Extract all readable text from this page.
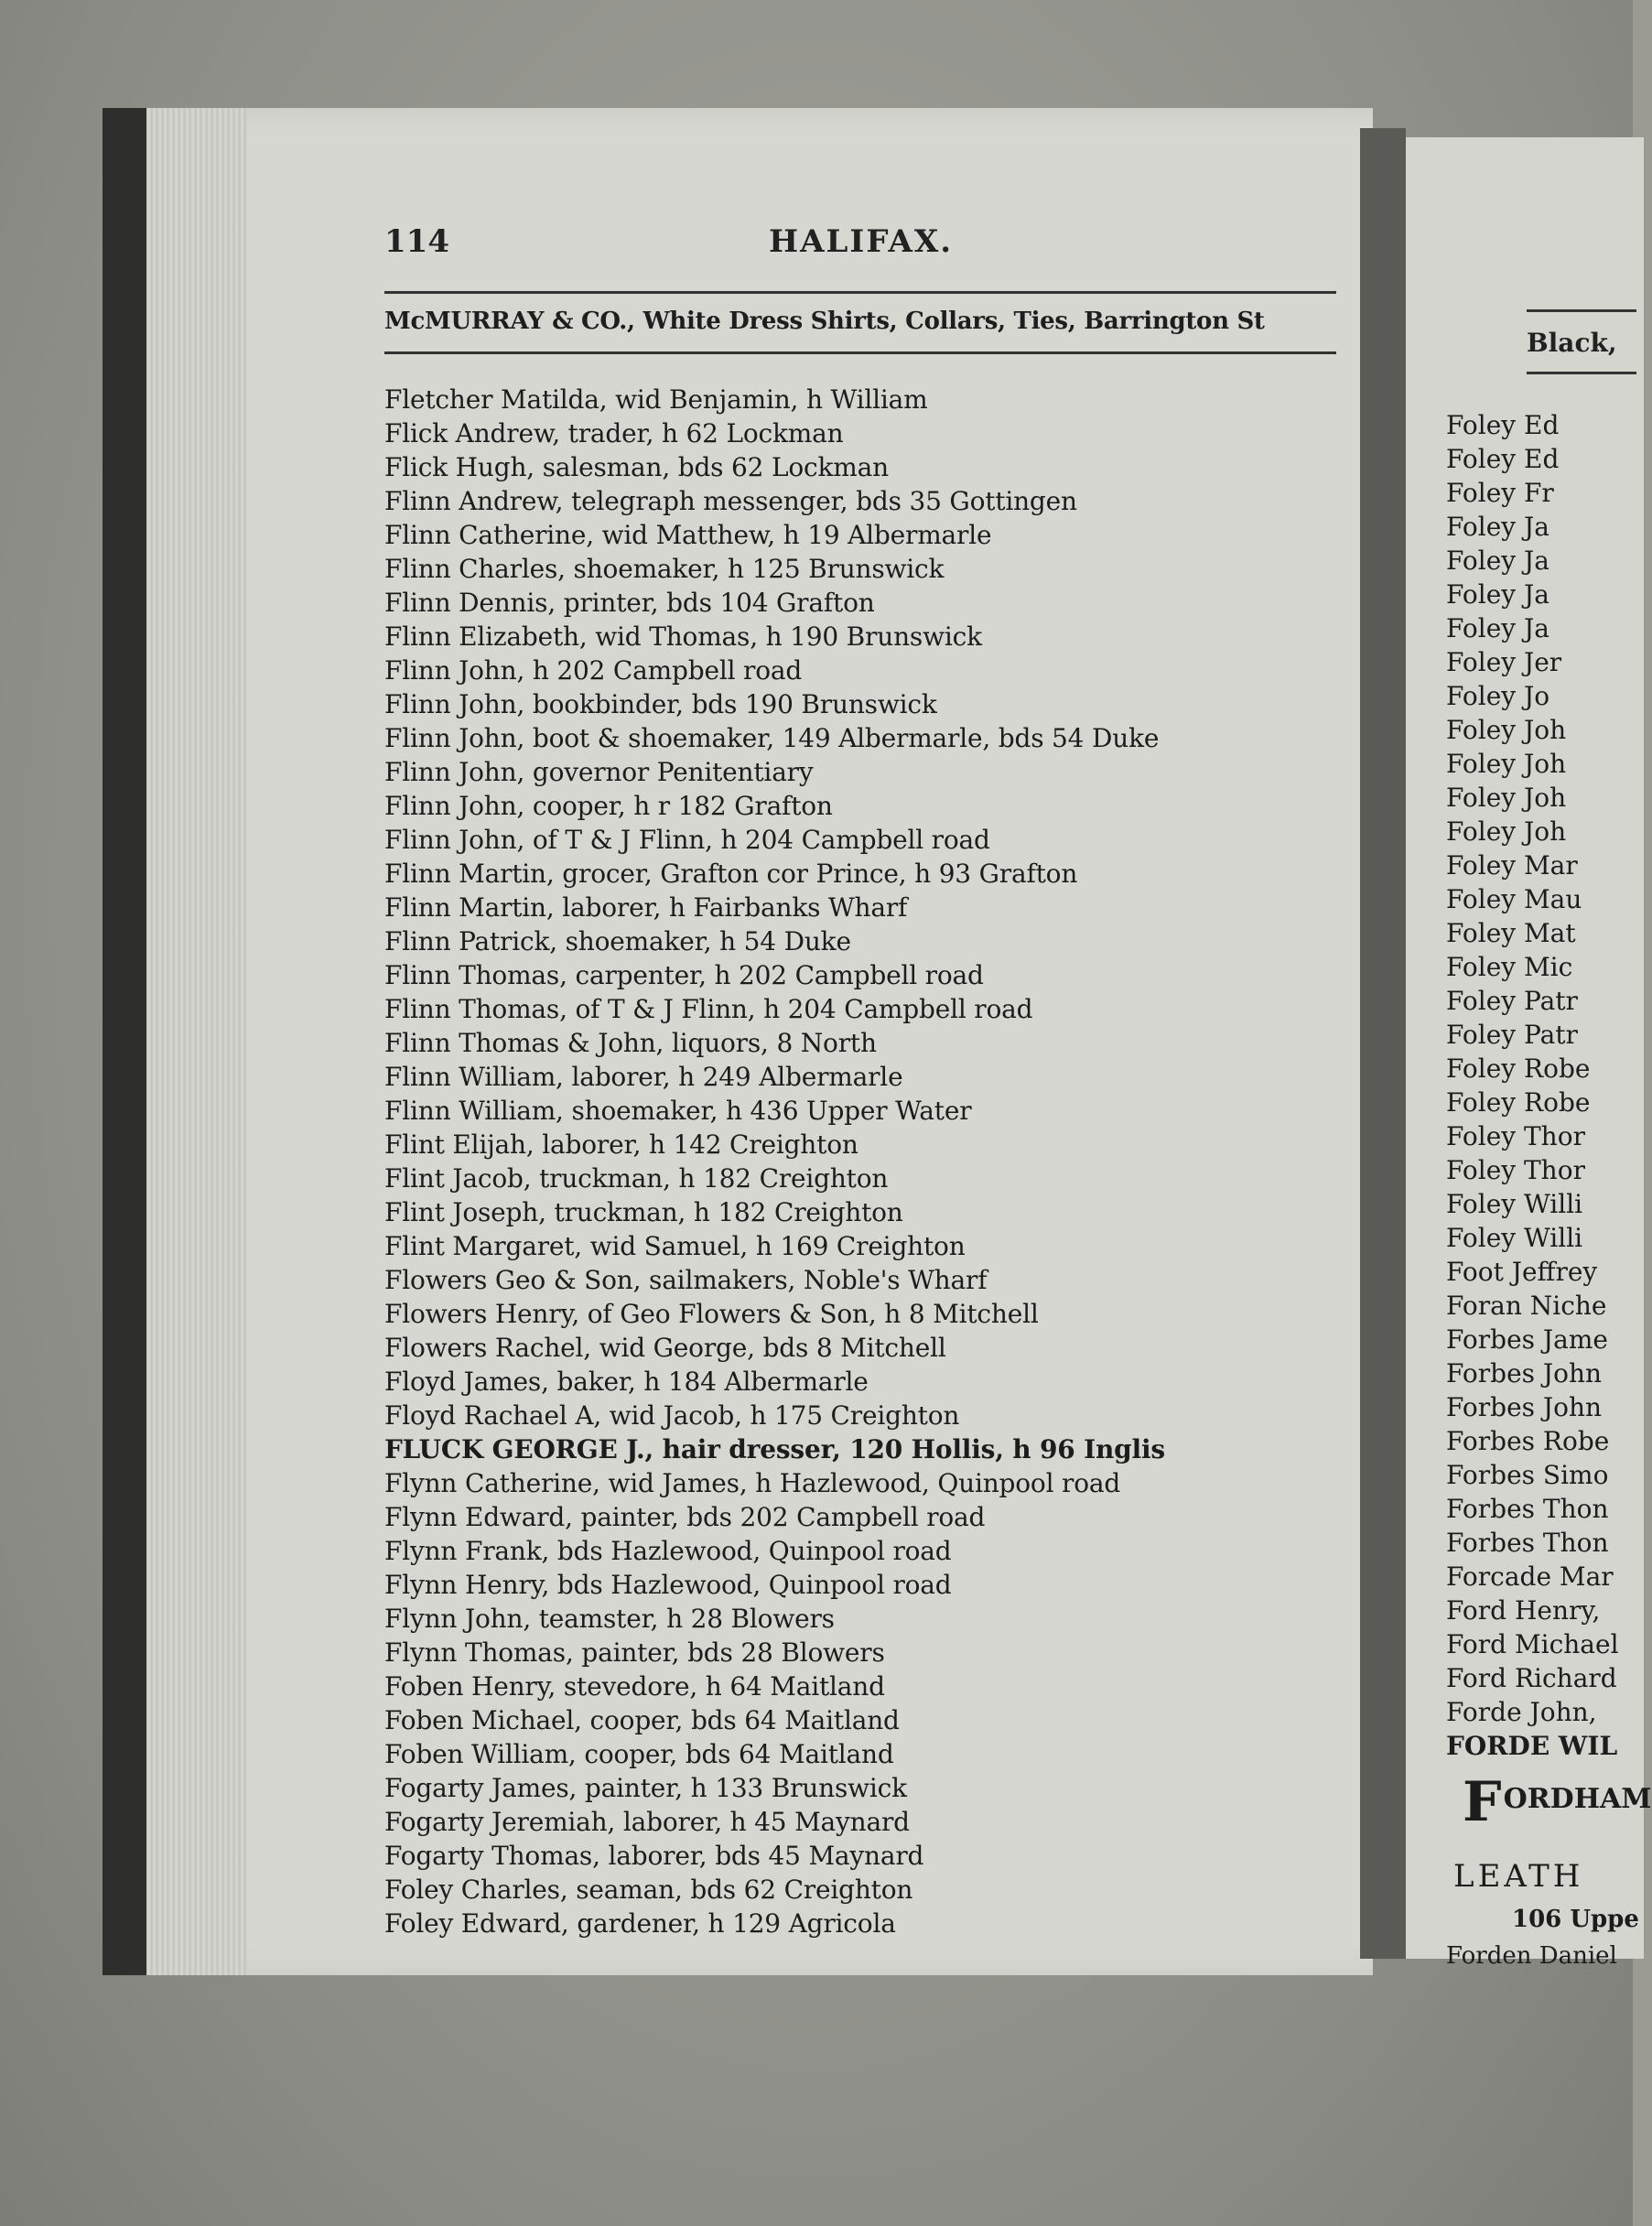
114	HALIFAX.
McMURRAY & CO., White Dress Shirts, Collars, Ties, Barrington St
Fletcher Matilda, wid Benjamin, h William
Flick Andrew, trader, h 62 Lockman
Flick Hugh, salesman, bds 62 Lockman
Flinn Andrew, telegraph messenger, bds 35 Gottingen
Flinn Catherine, wid Matthew, h 19 Albermarle
Flinn Charles, shoemaker, h 125 Brunswick
Flinn Dennis, printer, bds 104 Grafton
Flinn Elizabeth, wid Thomas, h 190 Brunswick
Flinn John, h 202 Campbell road
Flinn John, bookbinder, bds 190 Brunswick
Flinn John, boot & shoemaker, 149 Albermarle, bds 54 Duke
Flinn John, governor Penitentiary
Flinn John, cooper, h r 182 Grafton
Flinn John, of T & J Flinn, h 204 Campbell road
Flinn Martin, grocer, Grafton cor Prince, h 93 Grafton
Flinn Martin, laborer, h Fairbanks Wharf
Flinn Patrick, shoemaker, h 54 Duke
Flinn Thomas, carpenter, h 202 Campbell road
Flinn Thomas, of T & J Flinn, h 204 Campbell road
Flinn Thomas & John, liquors, 8 North
Flinn William, laborer, h 249 Albermarle
Flinn William, shoemaker, h 436 Upper Water
Flint Elijah, laborer, h 142 Creighton
Flint Jacob, truckman, h 182 Creighton
Flint Joseph, truckman, h 182 Creighton
Flint Margaret, wid Samuel, h 169 Creighton
Flowers Geo & Son, sailmakers, Noble's Wharf
Flowers Henry, of Geo Flowers & Son, h 8 Mitchell
Flowers Rachel, wid George, bds 8 Mitchell
Floyd James, baker, h 184 Albermarle
Floyd Rachael A, wid Jacob, h 175 Creighton
FLUCK GEORGE J., hair dresser, 120 Hollis, h 96 Inglis
Flynn Catherine, wid James, h Hazlewood, Quinpool road
Flynn Edward, painter, bds 202 Campbell road
Flynn Frank, bds Hazlewood, Quinpool road
Flynn Henry, bds Hazlewood, Quinpool road
Flynn John, teamster, h 28 Blowers
Flynn Thomas, painter, bds 28 Blowers
Foben Henry, stevedore, h 64 Maitland
Foben Michael, cooper, bds 64 Maitland
Foben William, cooper, bds 64 Maitland
Fogarty James, painter, h 133 Brunswick
Fogarty Jeremiah, laborer, h 45 Maynard
Fogarty Thomas, laborer, bds 45 Maynard
Foley Charles, seaman, bds 62 Creighton
Foley Edward, gardener, h 129 Agricola
Black,
Foley Ed
Foley Ed
Foley Fr
Foley Ja
Foley Ja
Foley Ja
Foley Ja
Foley Jer
Foley Jo
Foley Joh
Foley Joh
Foley Joh
Foley Joh
Foley Mar
Foley Mau
Foley Mat
Foley Mic
Foley Patr
Foley Patr
Foley Robe
Foley Robe
Foley Thor
Foley Thor
Foley Willi
Foley Willi
Foot Jeffrey
Foran Niche
Forbes Jame
Forbes John
Forbes John
Forbes Robe
Forbes Simo
Forbes Thon
Forbes Thon
Forcade Mar
Ford Henry,
Ford Michael
Ford Richard
Forde John,
FORDE WIL
FORDHAM
LEATH
106 Uppe
Forden Daniel
